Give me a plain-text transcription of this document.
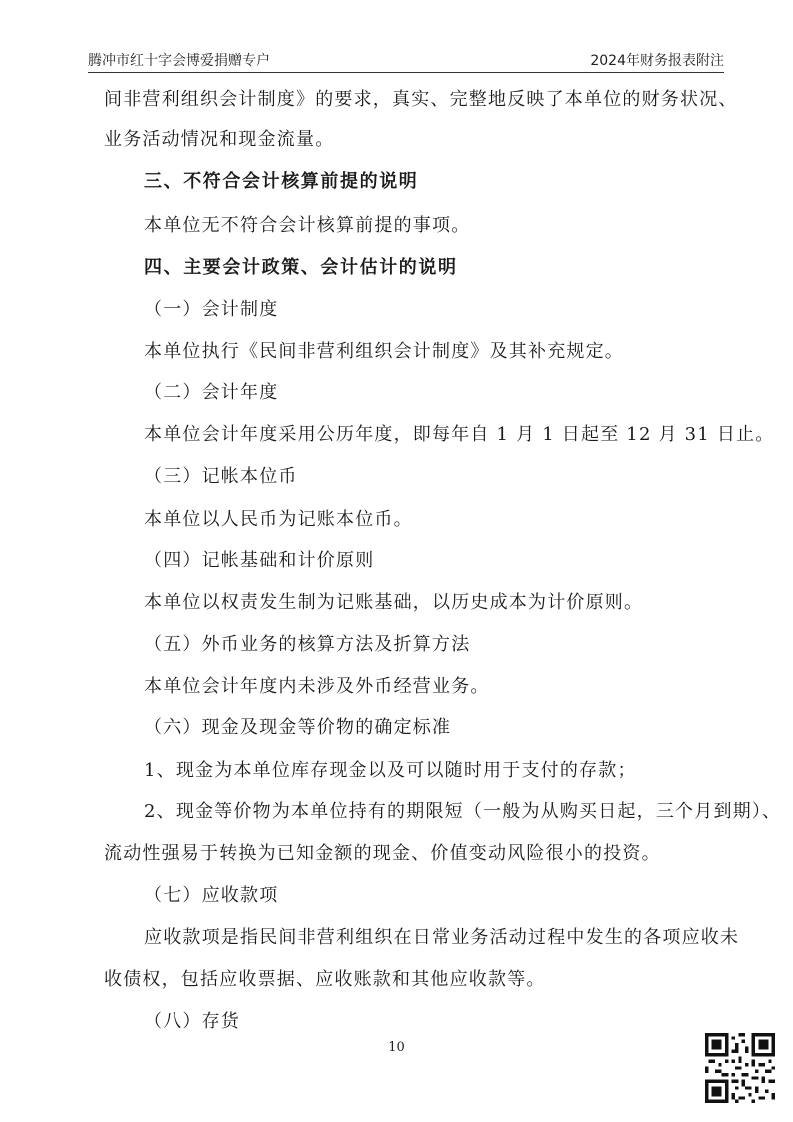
腾冲市红十字会博爱捐赠专户	2024年财务报表附注
间非营利组织会计制度》的要求，真实、完整地反映了本单位的财务状况、
业务活动情况和现金流量。
三、不符合会计核算前提的说明
本单位无不符合会计核算前提的事项。
四、主要会计政策、会计估计的说明
（一）会计制度
本单位执行《民间非营利组织会计制度》及其补充规定。
（二）会计年度
本单位会计年度采用公历年度，即每年自 1 月 1 日起至 12 月 31 日止。
（三）记帐本位币
本单位以人民币为记账本位币。
（四）记帐基础和计价原则
本单位以权责发生制为记账基础，以历史成本为计价原则。
（五）外币业务的核算方法及折算方法
本单位会计年度内未涉及外币经营业务。
（六）现金及现金等价物的确定标准
1、现金为本单位库存现金以及可以随时用于支付的存款；
2、现金等价物为本单位持有的期限短（一般为从购买日起，三个月到期）、
流动性强易于转换为已知金额的现金、价值变动风险很小的投资。
（七）应收款项
应收款项是指民间非营利组织在日常业务活动过程中发生的各项应收未
收债权，包括应收票据、应收账款和其他应收款等。
（八）存货
10
